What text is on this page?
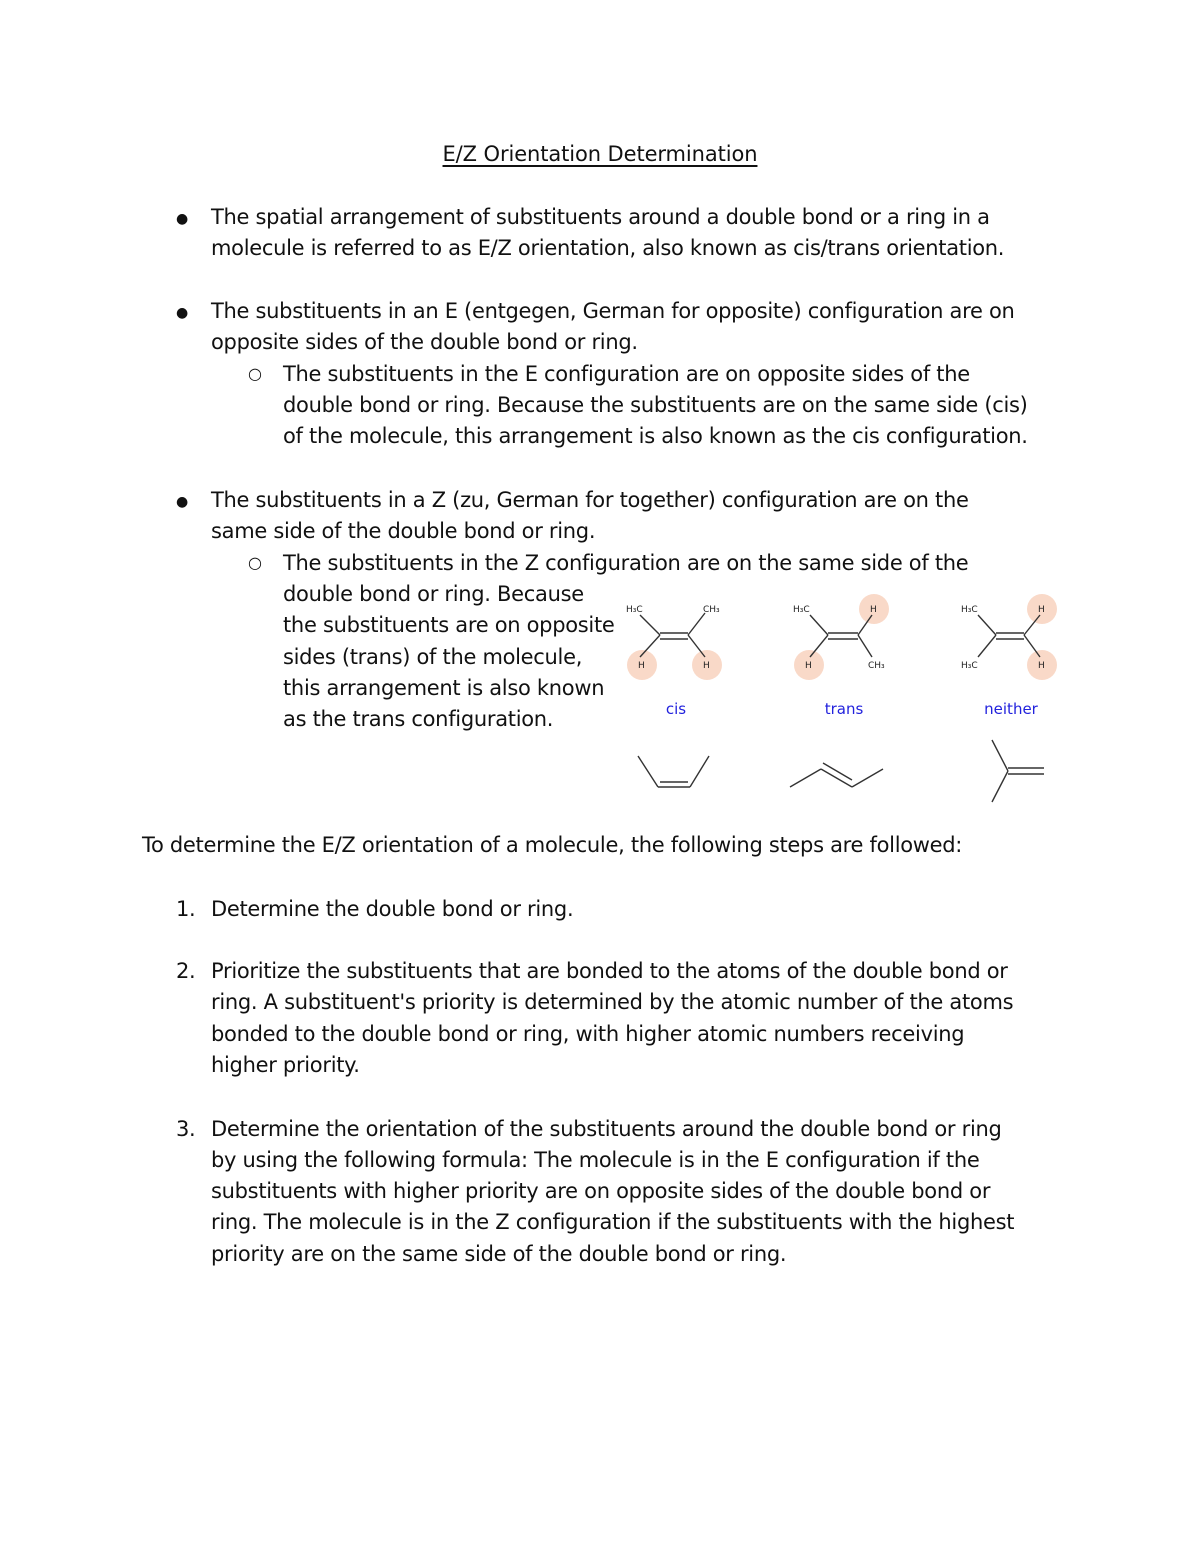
E/Z Orientation Determination
● The spatial arrangement of substituents around a double bond or a ring in a
molecule is referred to as E/Z orientation, also known as cis/trans orientation.
● The substituents in an E (entgegen, German for opposite) configuration are on
opposite sides of the double bond or ring.
○ The substituents in the E configuration are on opposite sides of the
double bond or ring. Because the substituents are on the same side (cis)
of the molecule, this arrangement is also known as the cis configuration.
● The substituents in a Z (zu, German for together) configuration are on the
same side of the double bond or ring.
○ The substituents in the Z configuration are on the same side of the
double bond or ring. Because
the substituents are on opposite
sides (trans) of the molecule,
this arrangement is also known
as the trans configuration.
H₃C	CH₃
H	H
H₃C	H
H	CH₃
H₃C	H
H₃C	H
cis	trans	neither
To determine the E/Z orientation of a molecule, the following steps are followed:
1. Determine the double bond or ring.
2. Prioritize the substituents that are bonded to the atoms of the double bond or
ring. A substituent's priority is determined by the atomic number of the atoms
bonded to the double bond or ring, with higher atomic numbers receiving
higher priority.
3. Determine the orientation of the substituents around the double bond or ring
by using the following formula: The molecule is in the E configuration if the
substituents with higher priority are on opposite sides of the double bond or
ring. The molecule is in the Z configuration if the substituents with the highest
priority are on the same side of the double bond or ring.
